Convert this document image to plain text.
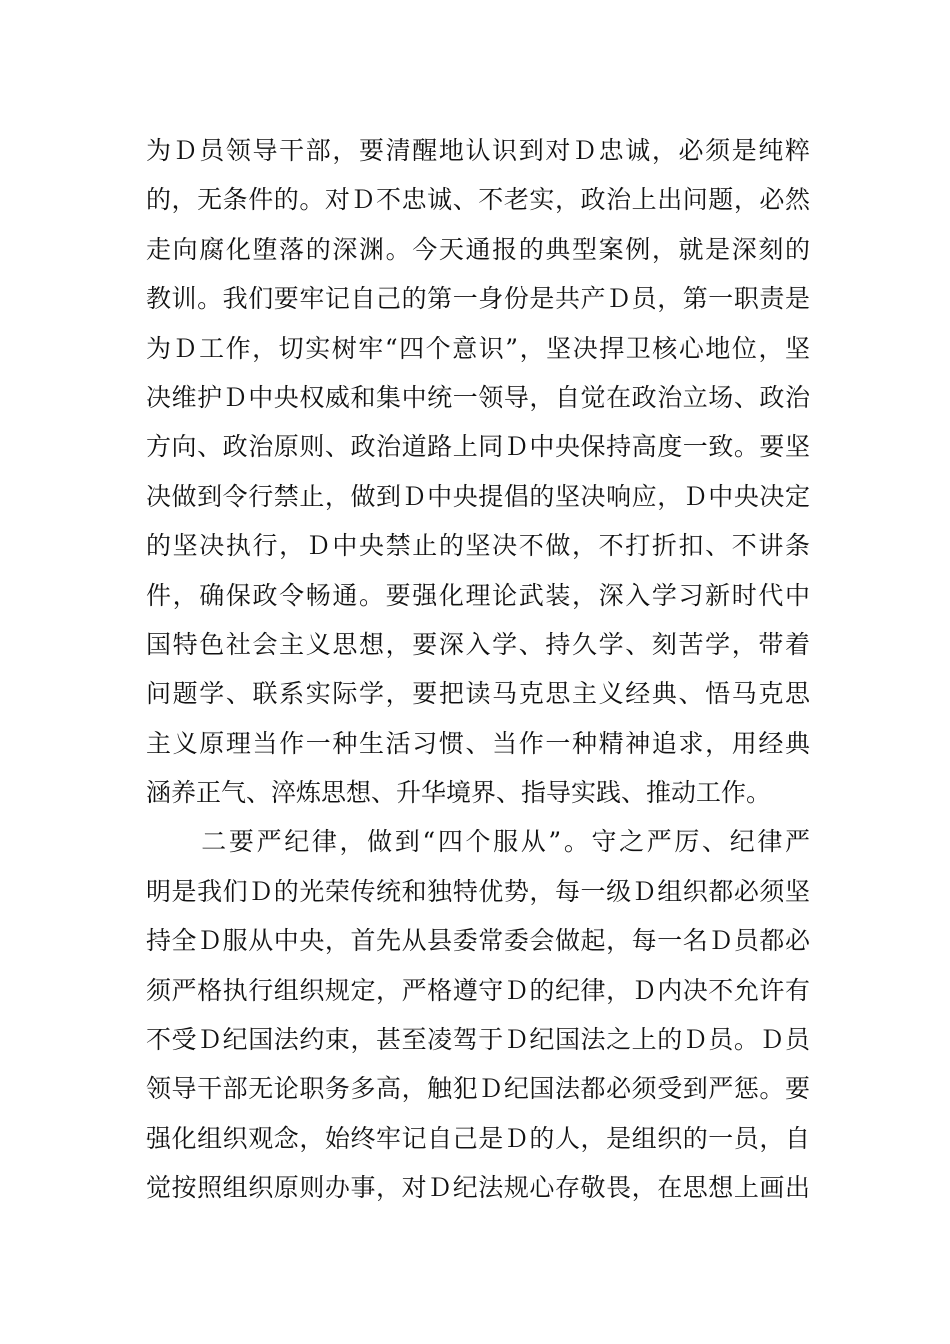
为Ｄ员领导干部，要清醒地认识到对Ｄ忠诚，必须是纯粹
的，无条件的。对Ｄ不忠诚、不老实，政治上出问题，必然
走向腐化堕落的深渊。今天通报的典型案例，就是深刻的
教训。我们要牢记自己的第一身份是共产Ｄ员，第一职责是
为Ｄ工作，切实树牢“四个意识”，坚决捍卫核心地位，坚
决维护Ｄ中央权威和集中统一领导，自觉在政治立场、政治
方向、政治原则、政治道路上同Ｄ中央保持高度一致。要坚
决做到令行禁止，做到Ｄ中央提倡的坚决响应，Ｄ中央决定
的坚决执行，Ｄ中央禁止的坚决不做，不打折扣、不讲条
件，确保政令畅通。要强化理论武装，深入学习新时代中
国特色社会主义思想，要深入学、持久学、刻苦学，带着
问题学、联系实际学，要把读马克思主义经典、悟马克思
主义原理当作一种生活习惯、当作一种精神追求，用经典
涵养正气、淬炼思想、升华境界、指导实践、推动工作。
　　二要严纪律，做到“四个服从”。守之严厉、纪律严
明是我们Ｄ的光荣传统和独特优势，每一级Ｄ组织都必须坚
持全Ｄ服从中央，首先从县委常委会做起，每一名Ｄ员都必
须严格执行组织规定，严格遵守Ｄ的纪律，Ｄ内决不允许有
不受Ｄ纪国法约束，甚至凌驾于Ｄ纪国法之上的Ｄ员。Ｄ员
领导干部无论职务多高，触犯Ｄ纪国法都必须受到严惩。要
强化组织观念，始终牢记自己是Ｄ的人，是组织的一员，自
觉按照组织原则办事，对Ｄ纪法规心存敬畏，在思想上画出
